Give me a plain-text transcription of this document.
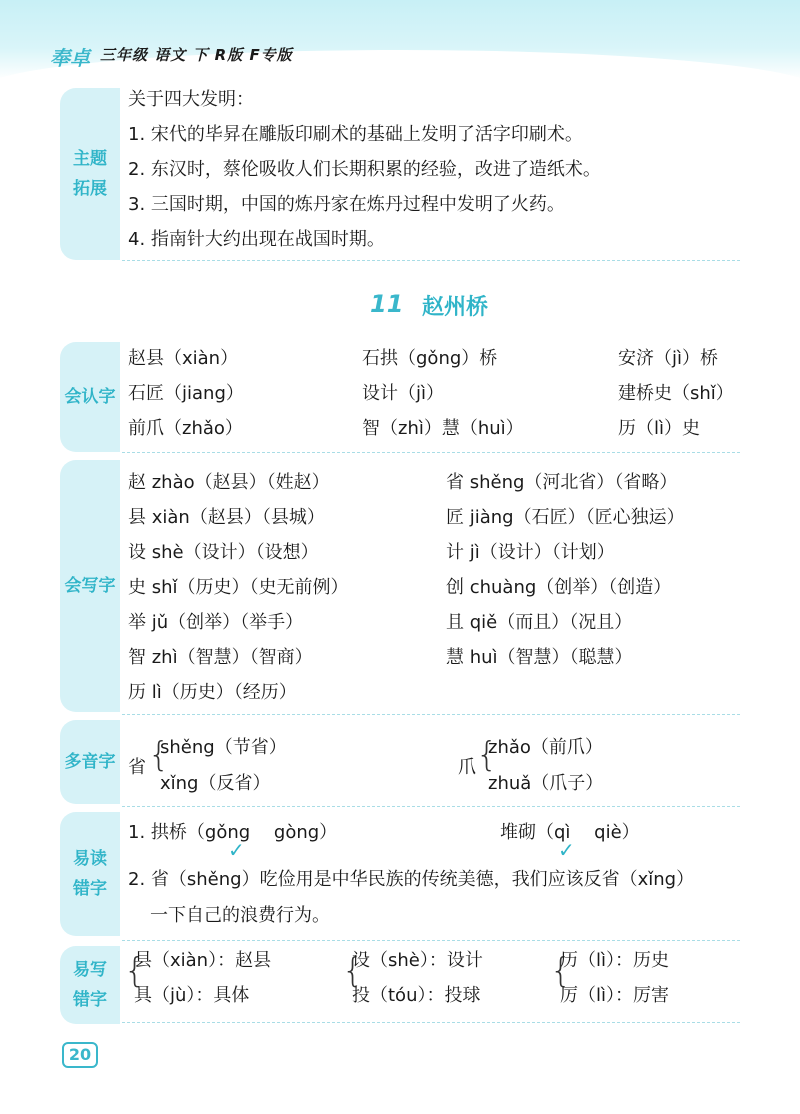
奉卓 三年级 语文 下 R版 F专版
主题
拓展
关于四大发明：
1. 宋代的毕昇在雕版印刷术的基础上发明了活字印刷术。
2. 东汉时，蔡伦吸收人们长期积累的经验，改进了造纸术。
3. 三国时期，中国的炼丹家在炼丹过程中发明了火药。
4. 指南针大约出现在战国时期。
11 赵州桥
会认字
赵县（xiàn）
石匠（jiang）
前爪（zhǎo）
石拱（gǒng）桥
设计（jì）
智（zhì）慧（huì）
安济（jì）桥
建桥史（shǐ）
历（lì）史
会写字
赵 zhào（赵县）（姓赵）
县 xiàn（赵县）（县城）
设 shè（设计）（设想）
史 shǐ（历史）（史无前例）
举 jǔ（创举）（举手）
智 zhì（智慧）（智商）
历 lì（历史）（经历）
省 shěng（河北省）（省略）
匠 jiàng（石匠）（匠心独运）
计 jì（设计）（计划）
创 chuàng（创举）（创造）
且 qiě（而且）（况且）
慧 huì（智慧）（聪慧）
多音字 省 {
shěng（节省）
xǐng（反省）
爪 {
zhǎo（前爪）
zhuǎ（爪子）
易读
错字
1. 拱桥（gǒng　 gòng）
✓
堆砌（qì　 qiè）
✓
2. 省（shěng）吃俭用是中华民族的传统美德，我们应该反省（xǐng）
一下自己的浪费行为。
易写
错字
{
县（xiàn）：赵县
具（jù）：具体
{
设（shè）：设计
投（tóu）：投球
{
历（lì）：历史
厉（lì）：厉害
20
